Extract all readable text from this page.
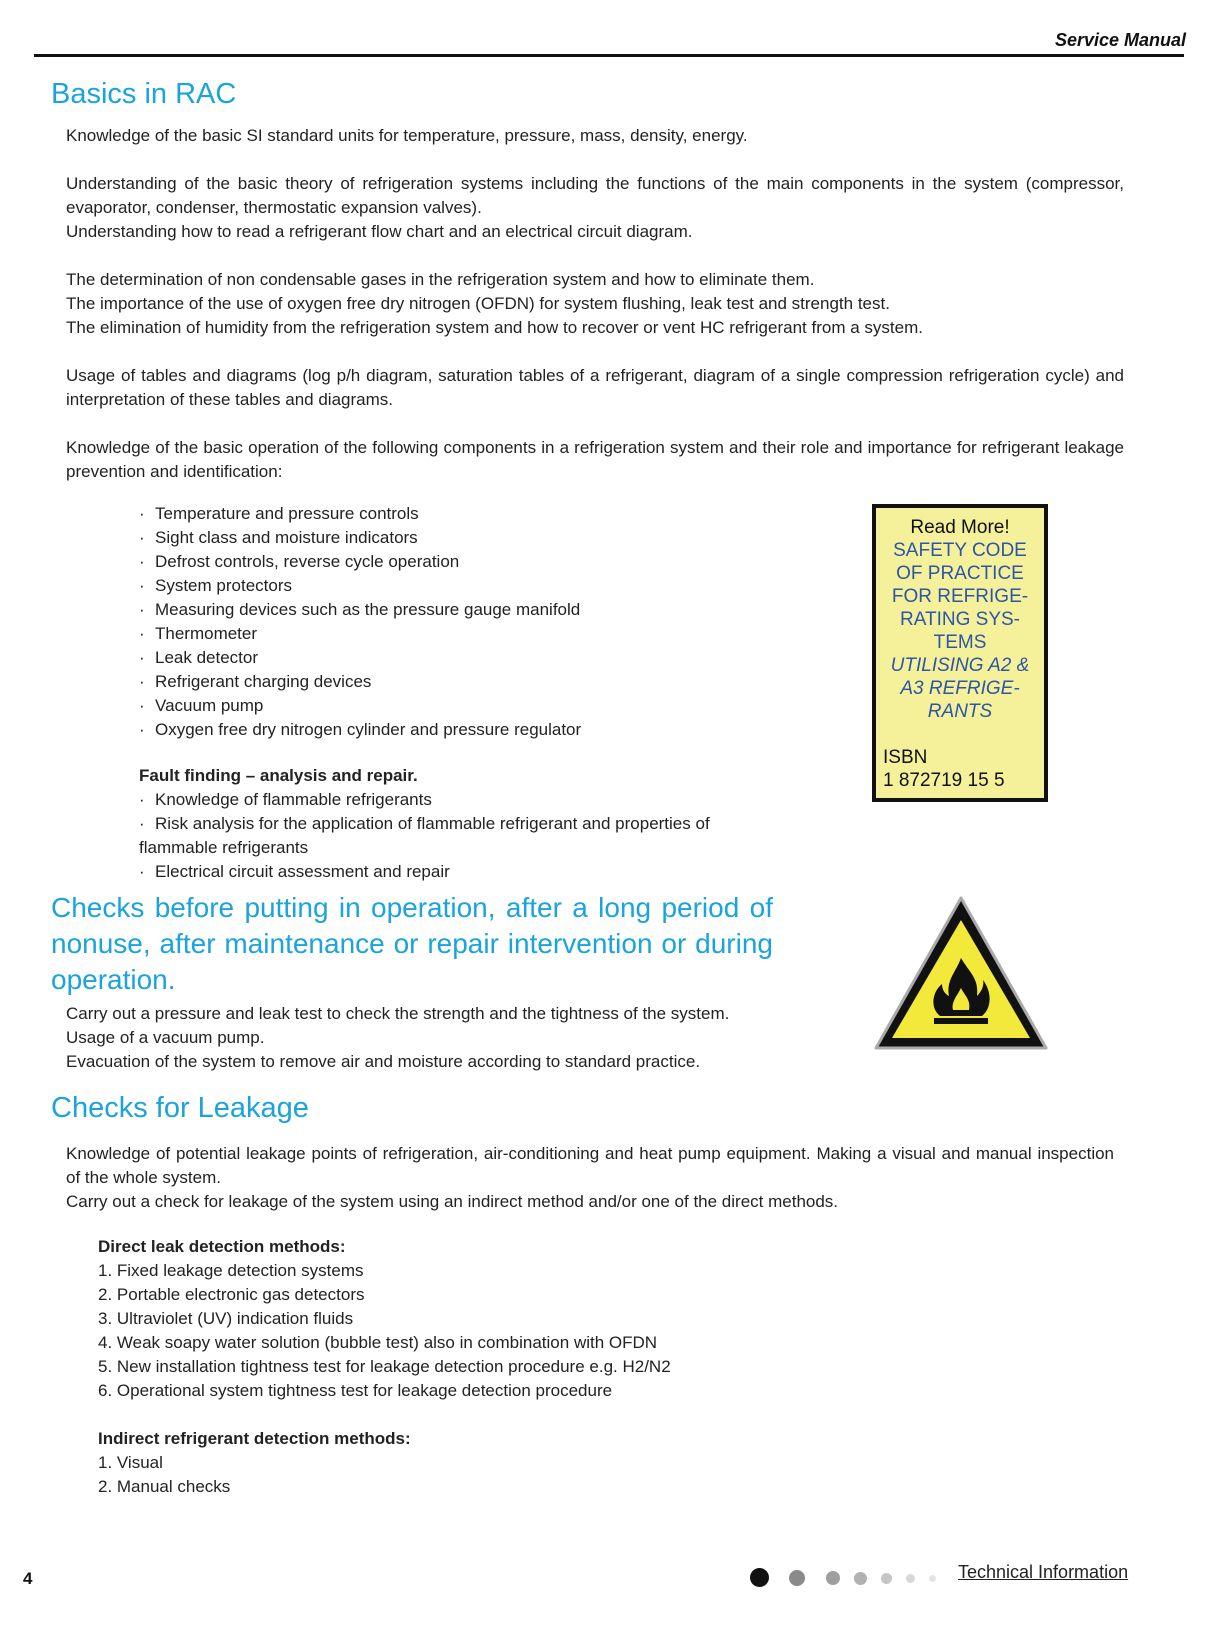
Service Manual
Basics in RAC

Knowledge of the basic SI standard units for temperature, pressure, mass, density, energy.

Understanding of the basic theory of refrigeration systems including the functions of the main components in the system (compressor, evaporator, condenser, thermostatic expansion valves).

Understanding how to read a refrigerant flow chart and an electrical circuit diagram.

The determination of non condensable gases in the refrigeration system and how to eliminate them.

The importance of the use of oxygen free dry nitrogen (OFDN) for system flushing, leak test and strength test.

The elimination of humidity from the refrigeration system and how to recover or vent HC refrigerant from a system.

Usage of tables and diagrams (log p/h diagram, saturation tables of a refrigerant, diagram of a single compression refrigeration cycle) and interpretation of these tables and diagrams.

Knowledge of the basic operation of the following components in a refrigeration system and their role and importance for refrigerant leakage prevention and identification:

· Temperature and pressure controls

· Sight class and moisture indicators

· Defrost controls, reverse cycle operation

· System protectors

· Measuring devices such as the pressure gauge manifold

· Thermometer

· Leak detector

· Refrigerant charging devices

· Vacuum pump

· Oxygen free dry nitrogen cylinder and pressure regulator

Fault finding – analysis and repair.

· Knowledge of flammable refrigerants

· Risk analysis for the application of flammable refrigerant and properties of flammable refrigerants

· Electrical circuit assessment and repair

Read More!
SAFETY CODE
OF PRACTICE
FOR REFRIGE-
RATING SYS-
TEMS
UTILISING A2 &
A3 REFRIGE-
RANTS
ISBN
1 872719 15 5
Checks before putting in operation, after a long period of nonuse, after maintenance or repair intervention or during operation.

Carry out a pressure and leak test to check the strength and the tightness of the system.

Usage of a vacuum pump.

Evacuation of the system to remove air and moisture according to standard practice.

Checks for Leakage

Knowledge of potential leakage points of refrigeration, air-conditioning and heat pump equipment. Making a visual and manual inspection of the whole system.

Carry out a check for leakage of the system using an indirect method and/or one of the direct methods.

Direct leak detection methods:

1. Fixed leakage detection systems

2. Portable electronic gas detectors

3. Ultraviolet (UV) indication fluids

4. Weak soapy water solution (bubble test) also in combination with OFDN

5. New installation tightness test for leakage detection procedure e.g. H2/N2

6. Operational system tightness test for leakage detection procedure

Indirect refrigerant detection methods:

1. Visual

2. Manual checks

4	Technical Information
